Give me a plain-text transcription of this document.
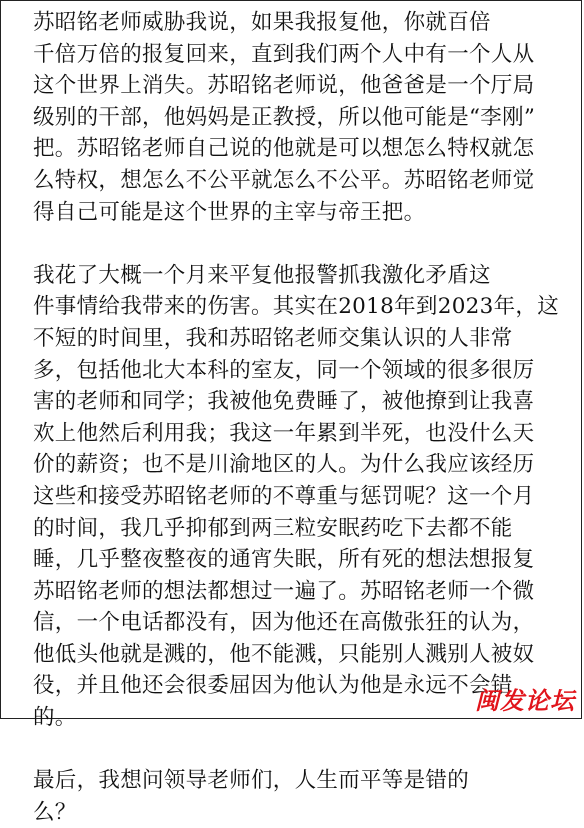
苏昭铭老师威胁我说，如果我报复他，你就百倍
千倍万倍的报复回来，直到我们两个人中有一个人从
这个世界上消失。苏昭铭老师说，他爸爸是一个厅局
级别的干部，他妈妈是正教授，所以他可能是“李刚”
把。苏昭铭老师自己说的他就是可以想怎么特权就怎
么特权，想怎么不公平就怎么不公平。苏昭铭老师觉
得自己可能是这个世界的主宰与帝王把。
我花了大概一个月来平复他报警抓我激化矛盾这
件事情给我带来的伤害。其实在2018年到2023年，这
不短的时间里，我和苏昭铭老师交集认识的人非常
多，包括他北大本科的室友，同一个领域的很多很厉
害的老师和同学；我被他免费睡了，被他撩到让我喜
欢上他然后利用我；我这一年累到半死，也没什么天
价的薪资；也不是川渝地区的人。为什么我应该经历
这些和接受苏昭铭老师的不尊重与惩罚呢？这一个月
的时间，我几乎抑郁到两三粒安眠药吃下去都不能
睡，几乎整夜整夜的通宵失眠，所有死的想法想报复
苏昭铭老师的想法都想过一遍了。苏昭铭老师一个微
信，一个电话都没有，因为他还在高傲张狂的认为，
他低头他就是溅的，他不能溅，只能别人溅别人被奴
役，并且他还会很委屈因为他认为他是永远不会错
的。
最后，我想问领导老师们，人生而平等是错的
么？
闽发论坛
